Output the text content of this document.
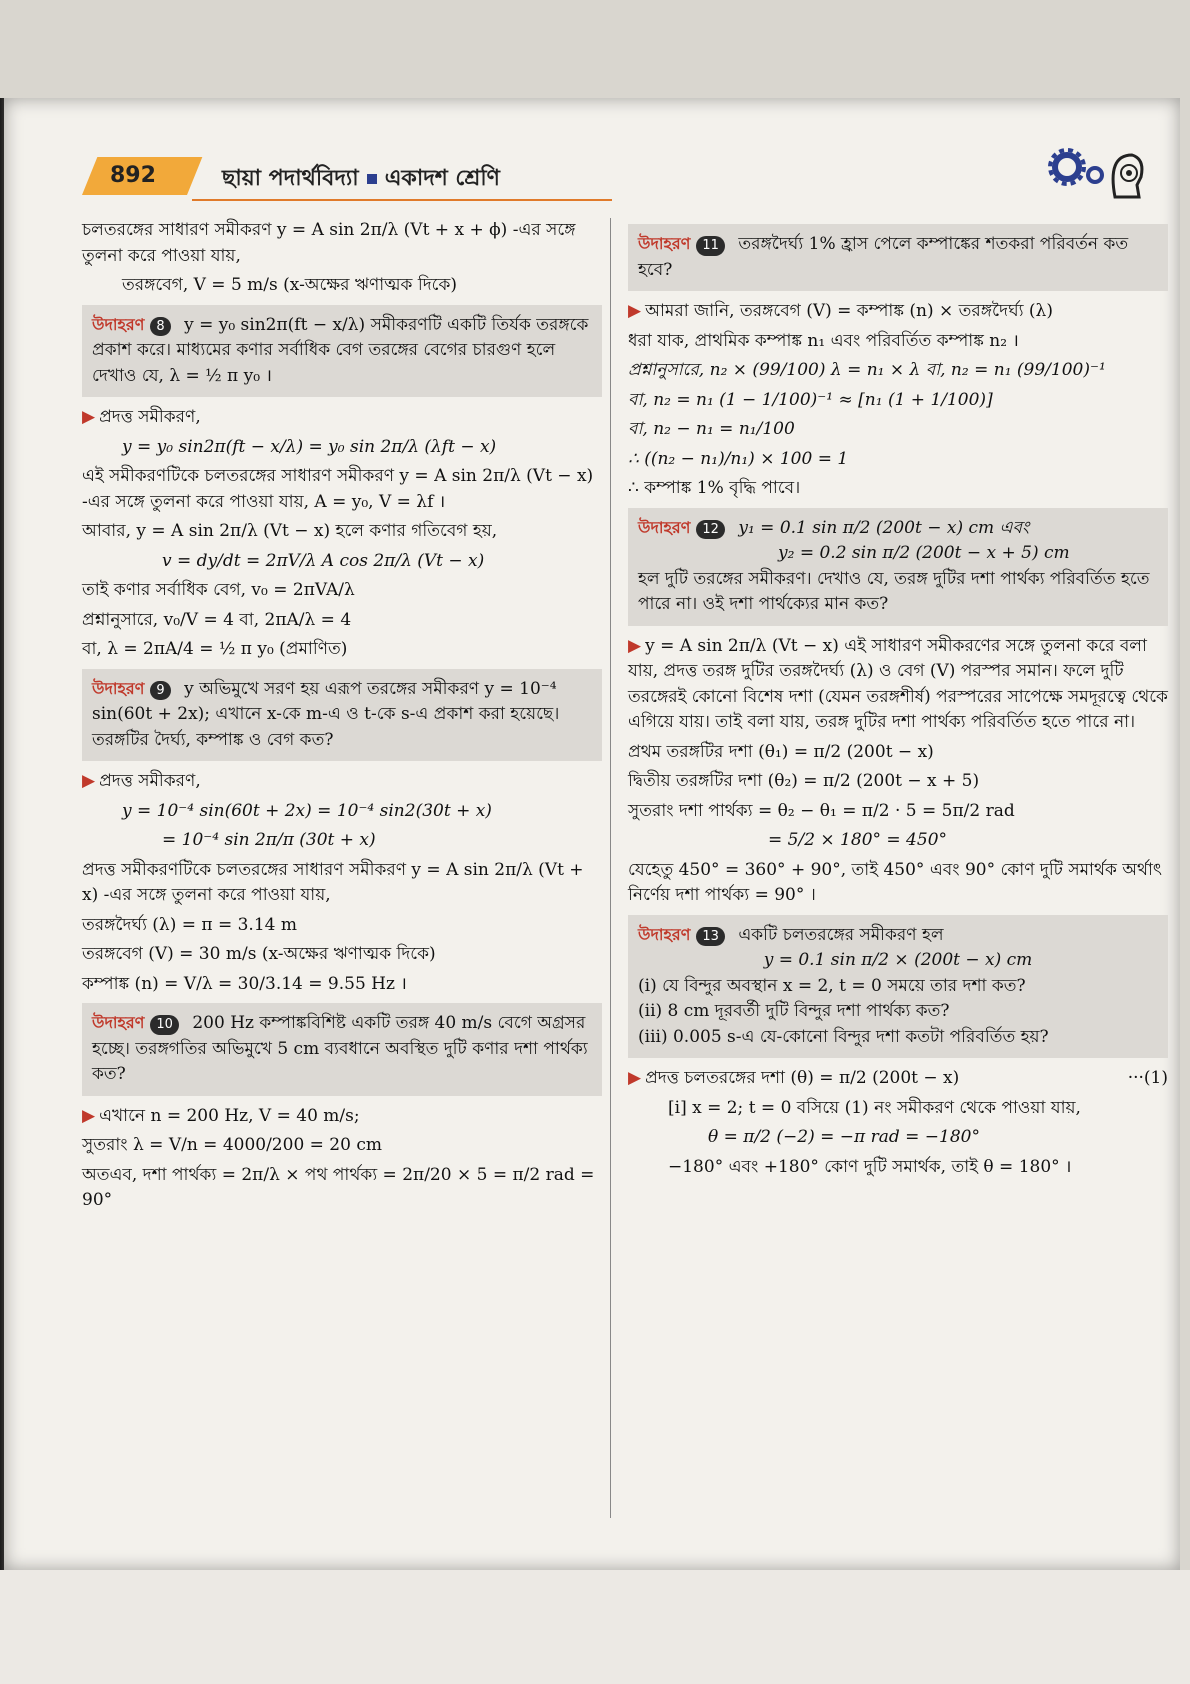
892	ছায়া পদার্থবিদ্যা একাদশ শ্রেণি

চলতরঙ্গের সাধারণ সমীকরণ y = A sin 2π/λ (Vt + x + ϕ) -এর সঙ্গে তুলনা করে পাওয়া যায়,

তরঙ্গবেগ, V = 5 m/s (x-অক্ষের ঋণাত্মক দিকে)

উদাহরণ 8 y = y₀ sin2π(ft − x/λ) সমীকরণটি একটি তির্যক তরঙ্গকে প্রকাশ করে। মাধ্যমের কণার সর্বাধিক বেগ তরঙ্গের বেগের চারগুণ হলে দেখাও যে, λ = ½ π y₀ ।

▶ প্রদত্ত সমীকরণ,

y = y₀ sin2π(ft − x/λ) = y₀ sin 2π/λ (λft − x)

এই সমীকরণটিকে চলতরঙ্গের সাধারণ সমীকরণ y = A sin 2π/λ (Vt − x) -এর সঙ্গে তুলনা করে পাওয়া যায়, A = y₀, V = λf ।

আবার, y = A sin 2π/λ (Vt − x) হলে কণার গতিবেগ হয়,

v = dy/dt = 2πV/λ A cos 2π/λ (Vt − x)

তাই কণার সর্বাধিক বেগ, v₀ = 2πVA/λ

প্রশ্নানুসারে, v₀/V = 4 বা, 2πA/λ = 4

বা, λ = 2πA/4 = ½ π y₀ (প্রমাণিত)

উদাহরণ 9 y অভিমুখে সরণ হয় এরূপ তরঙ্গের সমীকরণ y = 10⁻⁴ sin(60t + 2x); এখানে x-কে m-এ ও t-কে s-এ প্রকাশ করা হয়েছে। তরঙ্গটির দৈর্ঘ্য, কম্পাঙ্ক ও বেগ কত?

▶ প্রদত্ত সমীকরণ,

y = 10⁻⁴ sin(60t + 2x) = 10⁻⁴ sin2(30t + x)

= 10⁻⁴ sin 2π/π (30t + x)

প্রদত্ত সমীকরণটিকে চলতরঙ্গের সাধারণ সমীকরণ y = A sin 2π/λ (Vt + x) -এর সঙ্গে তুলনা করে পাওয়া যায়,

তরঙ্গদৈর্ঘ্য (λ) = π = 3.14 m

তরঙ্গবেগ (V) = 30 m/s (x-অক্ষের ঋণাত্মক দিকে)

কম্পাঙ্ক (n) = V/λ = 30/3.14 = 9.55 Hz ।

উদাহরণ 10 200 Hz কম্পাঙ্কবিশিষ্ট একটি তরঙ্গ 40 m/s বেগে অগ্রসর হচ্ছে। তরঙ্গগতির অভিমুখে 5 cm ব্যবধানে অবস্থিত দুটি কণার দশা পার্থক্য কত?

▶ এখানে n = 200 Hz, V = 40 m/s;

সুতরাং λ = V/n = 4000/200 = 20 cm

অতএব, দশা পার্থক্য = 2π/λ × পথ পার্থক্য = 2π/20 × 5 = π/2 rad = 90°

উদাহরণ 11 তরঙ্গদৈর্ঘ্য 1% হ্রাস পেলে কম্পাঙ্কের শতকরা পরিবর্তন কত হবে?

▶ আমরা জানি, তরঙ্গবেগ (V) = কম্পাঙ্ক (n) × তরঙ্গদৈর্ঘ্য (λ)

ধরা যাক, প্রাথমিক কম্পাঙ্ক n₁ এবং পরিবর্তিত কম্পাঙ্ক n₂ ।

প্রশ্নানুসারে, n₂ × (99/100) λ = n₁ × λ বা, n₂ = n₁ (99/100)⁻¹

বা, n₂ = n₁ (1 − 1/100)⁻¹ ≈ [n₁ (1 + 1/100)]

বা, n₂ − n₁ = n₁/100

∴ ((n₂ − n₁)/n₁) × 100 = 1

∴ কম্পাঙ্ক 1% বৃদ্ধি পাবে।

উদাহরণ 12 y₁ = 0.1 sin π/2 (200t − x) cm এবং
y₂ = 0.2 sin π/2 (200t − x + 5) cm
হল দুটি তরঙ্গের সমীকরণ। দেখাও যে, তরঙ্গ দুটির দশা পার্থক্য পরিবর্তিত হতে পারে না। ওই দশা পার্থক্যের মান কত?

▶ y = A sin 2π/λ (Vt − x) এই সাধারণ সমীকরণের সঙ্গে তুলনা করে বলা যায়, প্রদত্ত তরঙ্গ দুটির তরঙ্গদৈর্ঘ্য (λ) ও বেগ (V) পরস্পর সমান। ফলে দুটি তরঙ্গেরই কোনো বিশেষ দশা (যেমন তরঙ্গশীর্ষ) পরস্পরের সাপেক্ষে সমদূরত্বে থেকে এগিয়ে যায়। তাই বলা যায়, তরঙ্গ দুটির দশা পার্থক্য পরিবর্তিত হতে পারে না।

প্রথম তরঙ্গটির দশা (θ₁) = π/2 (200t − x)

দ্বিতীয় তরঙ্গটির দশা (θ₂) = π/2 (200t − x + 5)

সুতরাং দশা পার্থক্য = θ₂ − θ₁ = π/2 · 5 = 5π/2 rad

= 5/2 × 180° = 450°

যেহেতু 450° = 360° + 90°, তাই 450° এবং 90° কোণ দুটি সমার্থক অর্থাৎ নির্ণেয় দশা পার্থক্য = 90° ।

উদাহরণ 13 একটি চলতরঙ্গের সমীকরণ হল
y = 0.1 sin π/2 × (200t − x) cm
(i) যে বিন্দুর অবস্থান x = 2, t = 0 সময়ে তার দশা কত?
(ii) 8 cm দূরবর্তী দুটি বিন্দুর দশা পার্থক্য কত?
(iii) 0.005 s-এ যে-কোনো বিন্দুর দশা কতটা পরিবর্তিত হয়?

▶ প্রদত্ত চলতরঙ্গের দশা (θ) = π/2 (200t − x)	···(1)

[i] x = 2; t = 0 বসিয়ে (1) নং সমীকরণ থেকে পাওয়া যায়,

θ = π/2 (−2) = −π rad = −180°

−180° এবং +180° কোণ দুটি সমার্থক, তাই θ = 180° ।
